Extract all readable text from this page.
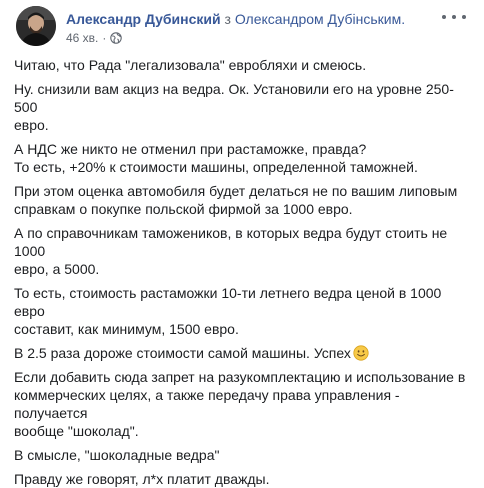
Александр Дубинский з Олександром Дубінським.
46 хв. ·

Читаю, что Рада "легализовала" евробляхи и смеюсь.

Ну. снизили вам акциз на ведра. Ок. Установили его на уровне 250-500
евро.

А НДС же никто не отменил при растаможке, правда?
То есть, +20% к стоимости машины, определенной таможней.

При этом оценка автомобиля будет делаться не по вашим липовым
справкам о покупке польской фирмой за 1000 евро.

А по справочникам таможеников, в которых ведра будут стоить не 1000
евро, а 5000.

То есть, стоимость растаможки 10-ти летнего ведра ценой в 1000 евро
составит, как минимум, 1500 евро.

В 2.5 раза дороже стоимости самой машины. Успех

Если добавить сюда запрет на разукомплектацию и использование в
коммерческих целях, а также передачу права управления - получается
вообще "шоколад".

В смысле, "шоколадные ведра"

Правду же говорят, л*х платит дважды.
